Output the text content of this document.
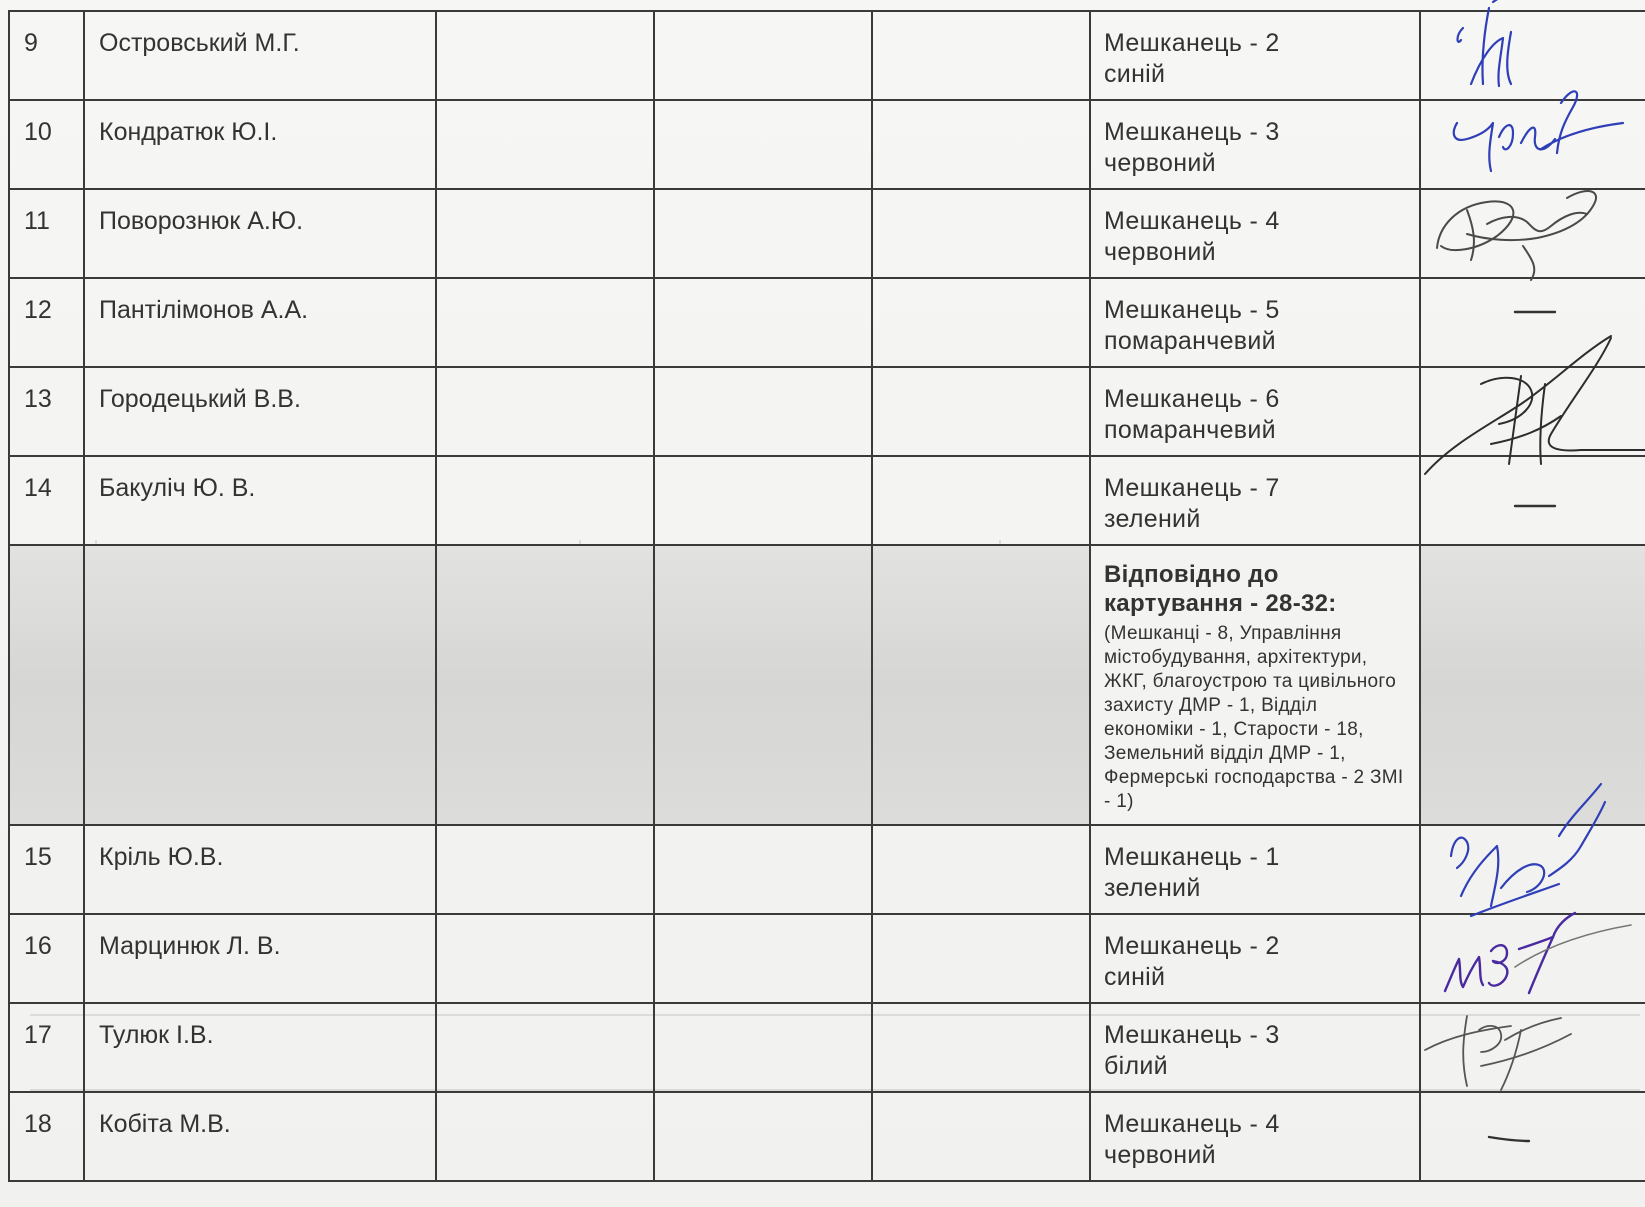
9	Островський М.Г.				Мешканець - 2
синій

10	Кондратюк Ю.І.				Мешканець - 3
червоний

11	Поворознюк А.Ю.				Мешканець - 4
червоний

12	Пантілімонов А.А.				Мешканець - 5
помаранчевий

13	Городецький В.В.				Мешканець - 6
помаранчевий

14	Бакуліч Ю. В.				Мешканець - 7
зелений

					Відповідно до картування - 28-32:
(Мешканці - 8, Управління містобудування, архітектури, ЖКГ, благоустрою та цивільного захисту ДМР - 1, Відділ економіки - 1, Старости - 18, Земельний відділ ДМР - 1, Фермерські господарства - 2 ЗМІ - 1)	

15	Кріль Ю.В.				Мешканець - 1
зелений

16	Марцинюк Л. В.				Мешканець - 2
синій

17	Тулюк І.В.				Мешканець - 3
білий

18	Кобіта М.В.				Мешканець - 4
червоний
